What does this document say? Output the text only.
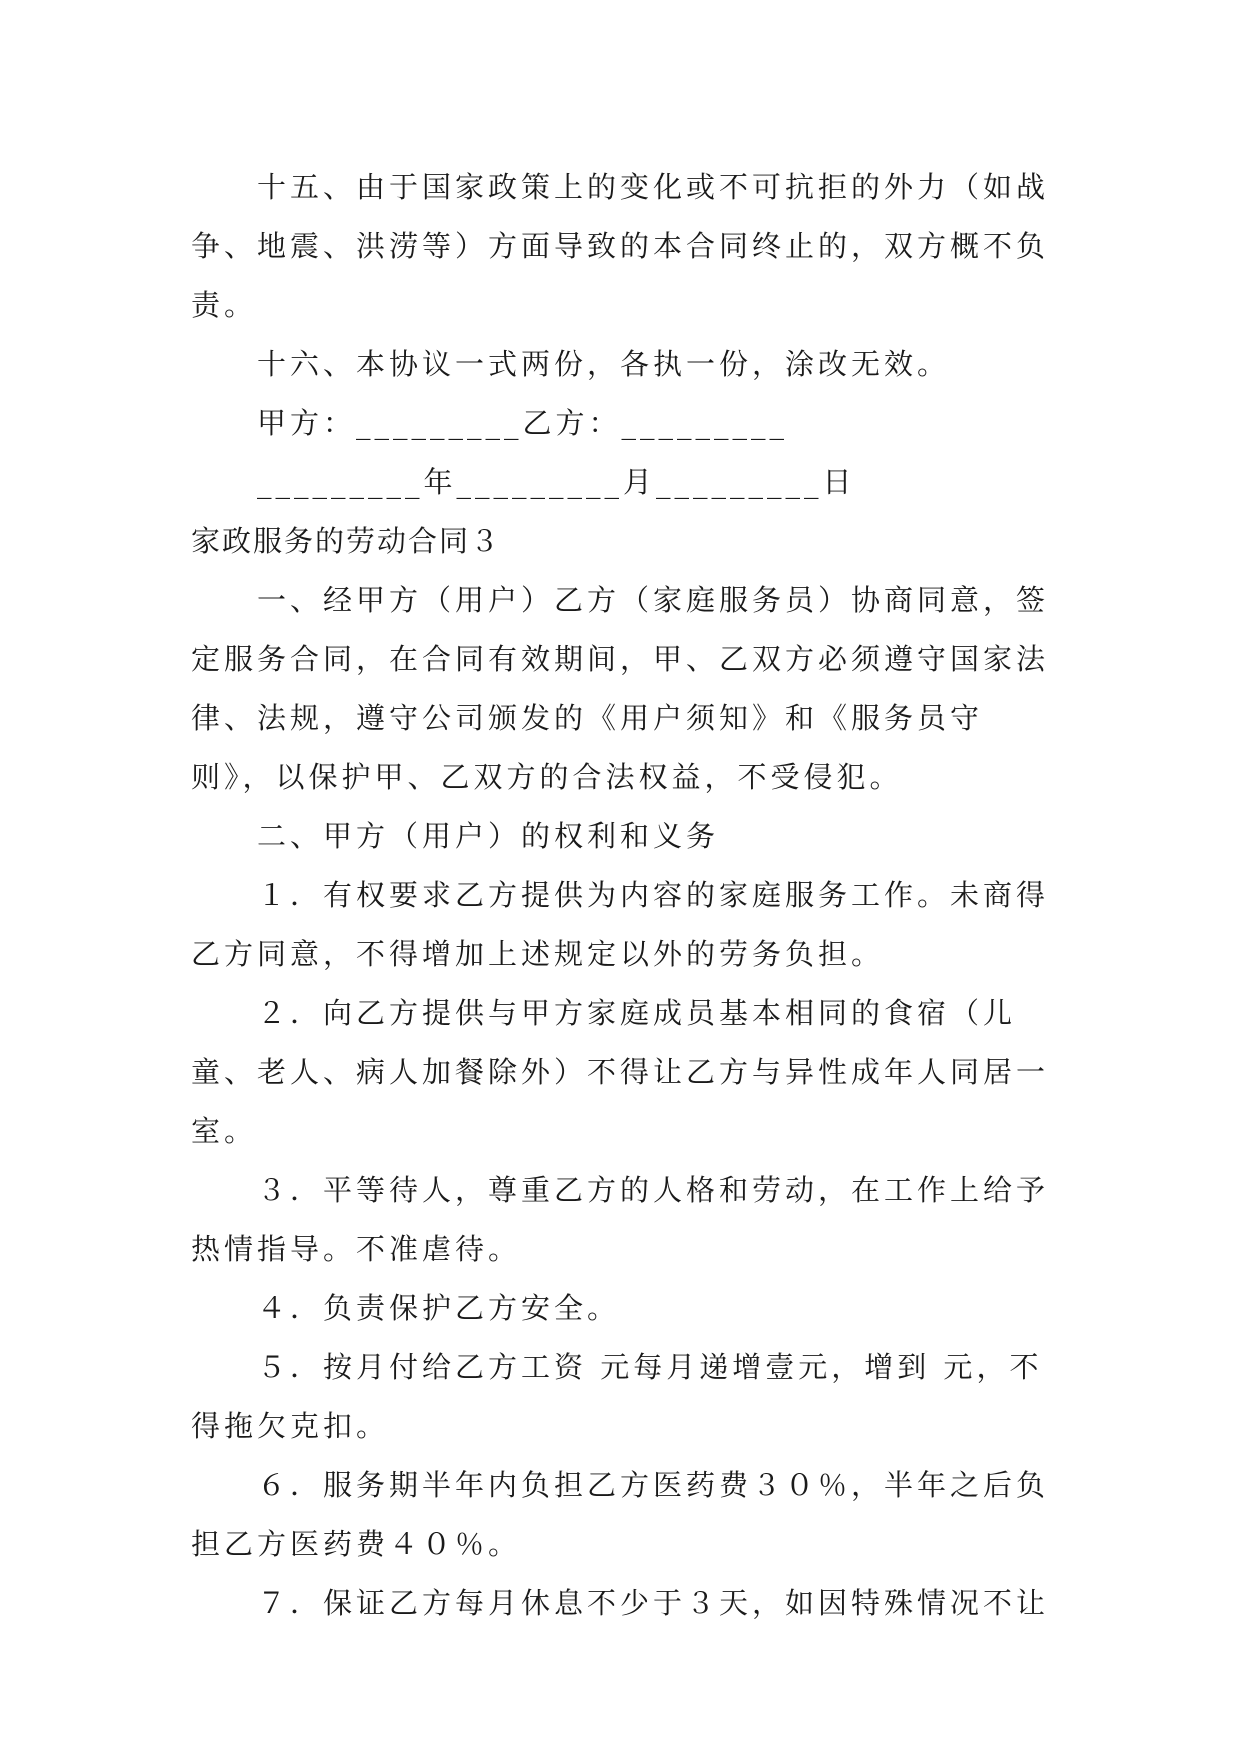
十五、由于国家政策上的变化或不可抗拒的外力（如战争、地震、洪涝等）方面导致的本合同终止的，双方概不负责。

十六、本协议一式两份，各执一份，涂改无效。

甲方：_________乙方：_________

_________年_________月_________日

家政服务的劳动合同３

一、经甲方（用户）乙方（家庭服务员）协商同意，签定服务合同，在合同有效期间，甲、乙双方必须遵守国家法律、法规，遵守公司颁发的《用户须知》和《服务员守则》，以保护甲、乙双方的合法权益，不受侵犯。

二、甲方（用户）的权利和义务

１．有权要求乙方提供为内容的家庭服务工作。未商得乙方同意，不得增加上述规定以外的劳务负担。

２．向乙方提供与甲方家庭成员基本相同的食宿（儿童、老人、病人加餐除外）不得让乙方与异性成年人同居一室。

３．平等待人，尊重乙方的人格和劳动，在工作上给予热情指导。不准虐待。

４．负责保护乙方安全。

５．按月付给乙方工资 元每月递增壹元，增到 元，不得拖欠克扣。

６．服务期半年内负担乙方医药费３０％，半年之后负担乙方医药费４０％。

７．保证乙方每月休息不少于３天，如因特殊情况不让
